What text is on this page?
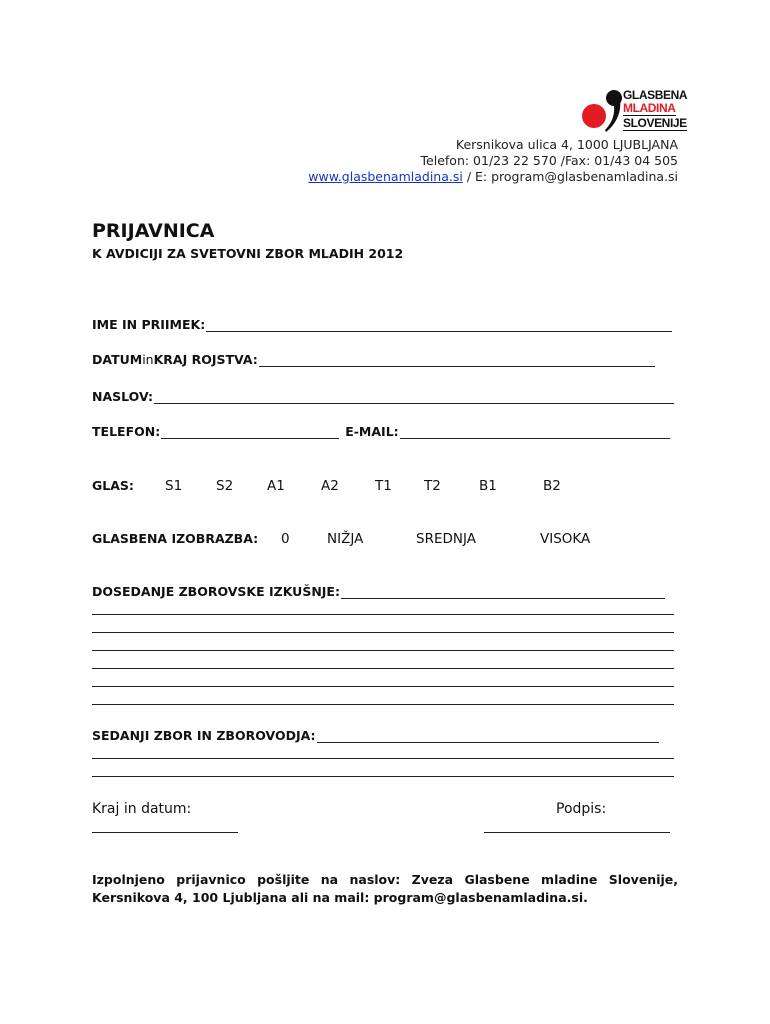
GLASBENA
MLADINA
SLOVENIJE
Kersnikova ulica 4, 1000 LJUBLJANA
Telefon: 01/23 22 570 /Fax: 01/43 04 505
www.glasbenamladina.si / E: program@glasbenamladina.si
PRIJAVNICA
K AVDICIJI ZA SVETOVNI ZBOR MLADIH 2012
IME IN PRIIMEK:
DATUM in KRAJ ROJSTVA:
NASLOV:
TELEFON:	E-MAIL:
GLAS: S1	S2	A1	A2	T1 T2	B1	B2
GLASBENA IZOBRAZBA: 0	NIŽJA	SREDNJA	VISOKA
DOSEDANJE ZBOROVSKE IZKUŠNJE:
SEDANJI ZBOR IN ZBOROVODJA:
Kraj in datum:	Podpis:
Izpolnjeno prijavnico pošljite na naslov: Zveza Glasbene mladine Slovenije, Kersnikova 4, 100 Ljubljana ali na mail: program@glasbenamladina.si.
